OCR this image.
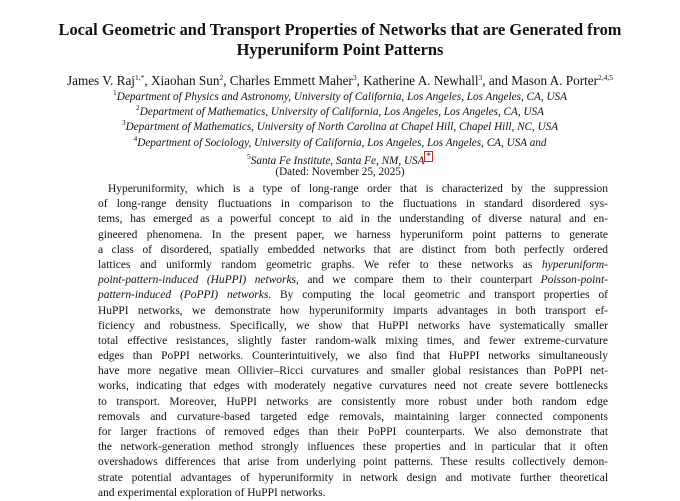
Local Geometric and Transport Properties of Networks that are Generated from
Hyperuniform Point Patterns
James V. Raj$^{1,*}$, Xiaohan Sun$^2$, Charles Emmett Maher$^3$, Katherine A. Newhall$^3$, and Mason A. Porter$^{2,4,5}$
$^1$Department of Physics and Astronomy, University of California, Los Angeles, Los Angeles, CA, USA
$^2$Department of Mathematics, University of California, Los Angeles, Los Angeles, CA, USA
$^3$Department of Mathematics, University of North Carolina at Chapel Hill, Chapel Hill, NC, USA
$^4$Department of Sociology, University of California, Los Angeles, Los Angeles, CA, USA and
$^5$Santa Fe Institute, Santa Fe, NM, USA *
(Dated: November 25, 2025)
Hyperuniformity, which is a type of long-range order that is characterized by the suppression
of long-range density fluctuations in comparison to the fluctuations in standard disordered sys-
tems, has emerged as a powerful concept to aid in the understanding of diverse natural and en-
gineered phenomena. In the present paper, we harness hyperuniform point patterns to generate
a class of disordered, spatially embedded networks that are distinct from both perfectly ordered
lattices and uniformly random geometric graphs. We refer to these networks as hyperuniform-
point-pattern-induced (HuPPI) networks, and we compare them to their counterpart Poisson-point-
pattern-induced (PoPPI) networks. By computing the local geometric and transport properties of
HuPPI networks, we demonstrate how hyperuniformity imparts advantages in both transport ef-
ficiency and robustness. Specifically, we show that HuPPI networks have systematically smaller
total effective resistances, slightly faster random-walk mixing times, and fewer extreme-curvature
edges than PoPPI networks. Counterintuitively, we also find that HuPPI networks simultaneously
have more negative mean Ollivier–Ricci curvatures and smaller global resistances than PoPPI net-
works, indicating that edges with moderately negative curvatures need not create severe bottlenecks
to transport. Moreover, HuPPI networks are consistently more robust under both random edge
removals and curvature-based targeted edge removals, maintaining larger connected components
for larger fractions of removed edges than their PoPPI counterparts. We also demonstrate that
the network-generation method strongly influences these properties and in particular that it often
overshadows differences that arise from underlying point patterns. These results collectively demon-
strate potential advantages of hyperuniformity in network design and motivate further theoretical
and experimental exploration of HuPPI networks.
